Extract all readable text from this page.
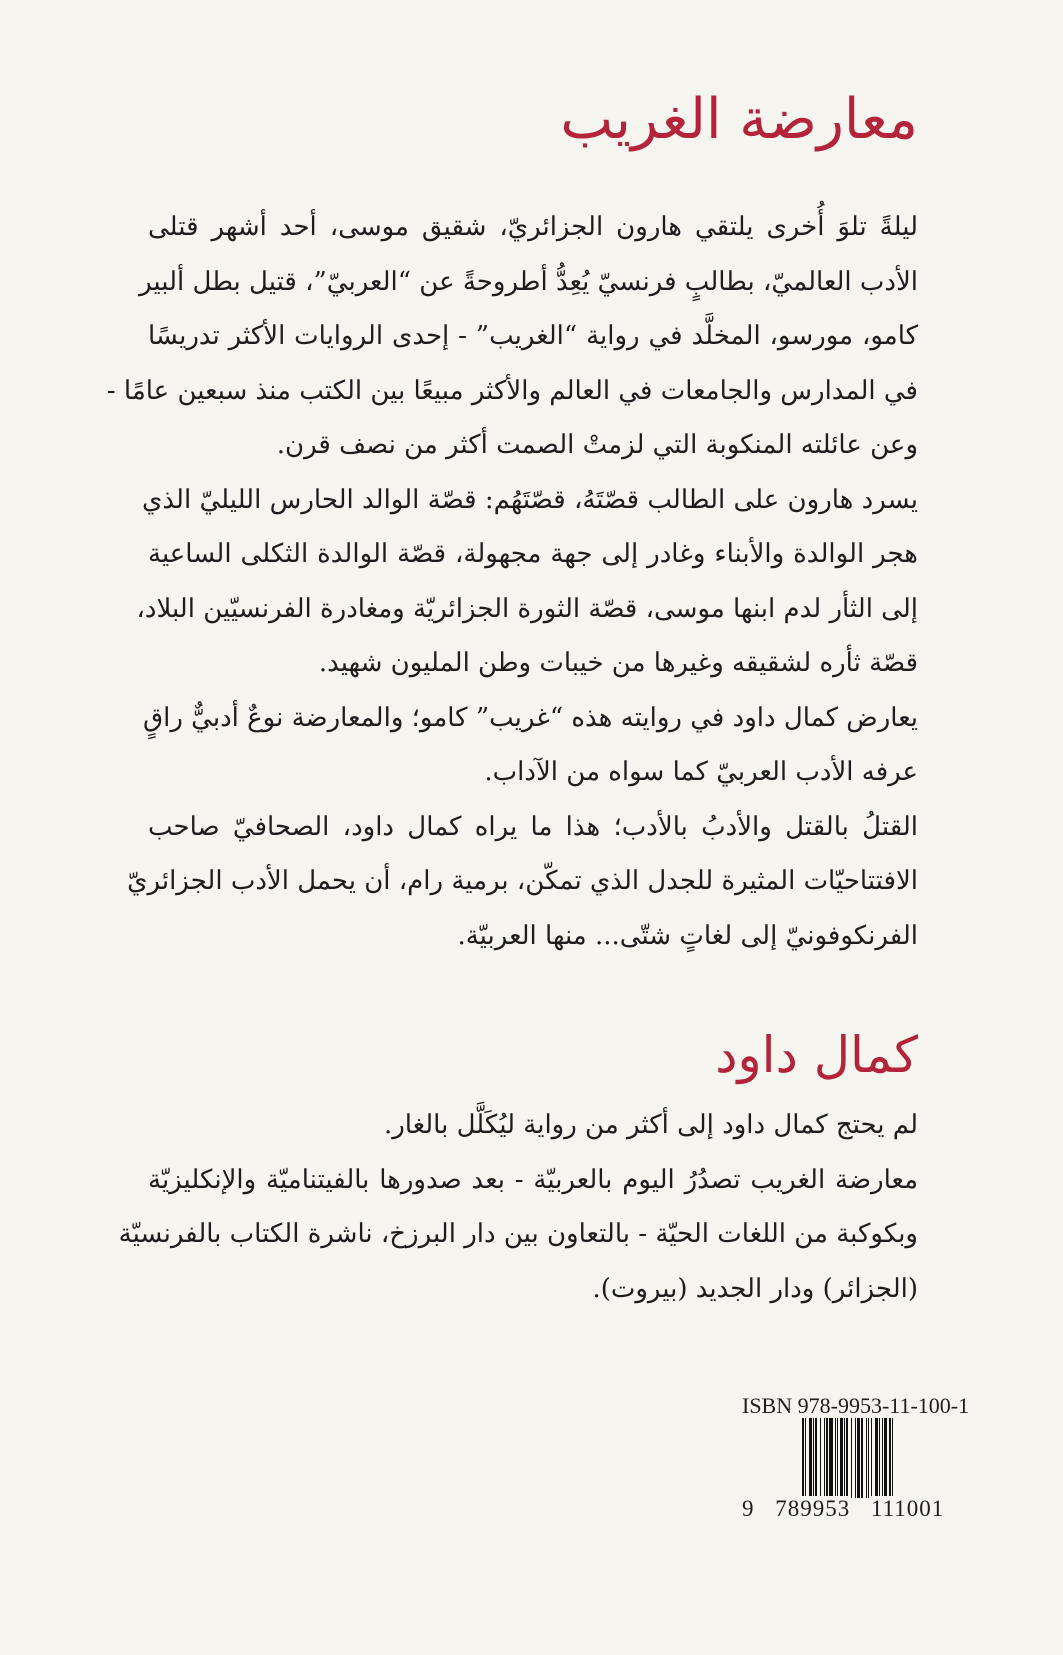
معارضة الغريب
ليلةً تلوَ أُخرى يلتقي هارون الجزائريّ، شقيق موسى، أحد أشهر قتلى
الأدب العالميّ، بطالبٍ فرنسيّ يُعِدُّ أطروحةً عن “العربيّ”، قتيل بطل ألبير
كامو، مورسو، المخلَّد في رواية “الغريب” - إحدى الروايات الأكثر تدريسًا
في المدارس والجامعات في العالم والأكثر مبيعًا بين الكتب منذ سبعين عامًا -
وعن عائلته المنكوبة التي لزمتْ الصمت أكثر من نصف قرن.
يسرد هارون على الطالب قصّتَهُ، قصّتَهُم: قصّة الوالد الحارس الليليّ الذي
هجر الوالدة والأبناء وغادر إلى جهة مجهولة، قصّة الوالدة الثكلى الساعية
إلى الثأر لدم ابنها موسى، قصّة الثورة الجزائريّة ومغادرة الفرنسيّين البلاد،
قصّة ثأره لشقيقه وغيرها من خيبات وطن المليون شهيد.
يعارض كمال داود في روايته هذه “غريب” كامو؛ والمعارضة نوعٌ أدبيٌّ راقٍ
عرفه الأدب العربيّ كما سواه من الآداب.
القتلُ بالقتل والأدبُ بالأدب؛ هذا ما يراه كمال داود، الصحافيّ صاحب
الافتتاحيّات المثيرة للجدل الذي تمكّن، برمية رام، أن يحمل الأدب الجزائريّ
الفرنكوفونيّ إلى لغاتٍ شتّى... منها العربيّة.
كمال داود
لم يحتج كمال داود إلى أكثر من رواية ليُكَلَّل بالغار.
معارضة الغريب تصدُرُ اليوم بالعربيّة - بعد صدورها بالفيتناميّة والإنكليزيّة
وبكوكبة من اللغات الحيّة - بالتعاون بين دار البرزخ، ناشرة الكتاب بالفرنسيّة
(الجزائر) ودار الجديد (بيروت).
ISBN 978-9953-11-100-1
9 789953 111001
